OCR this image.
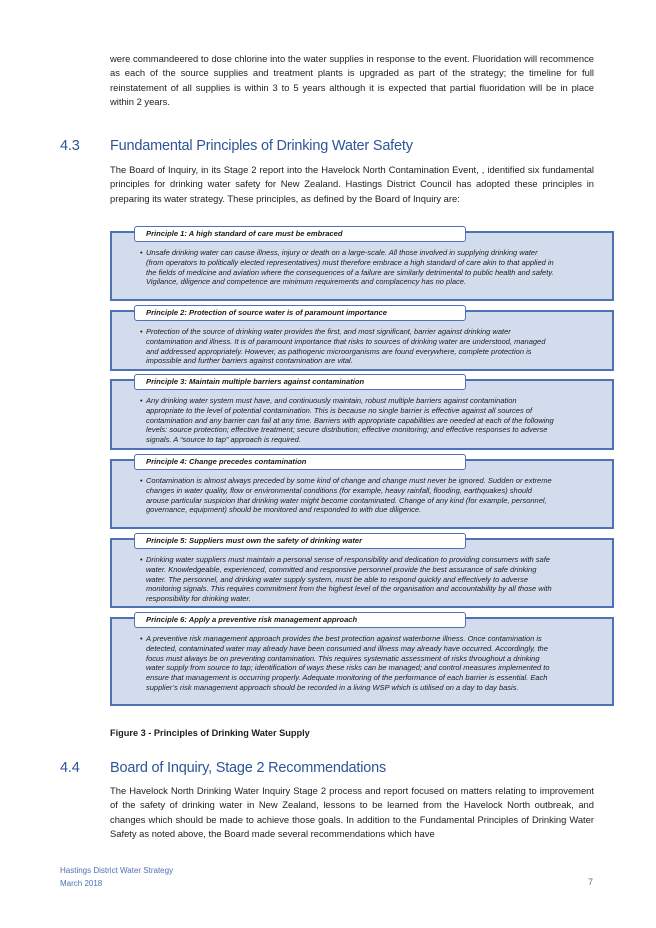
were commandeered to dose chlorine into the water supplies in response to the event. Fluoridation will recommence as each of the source supplies and treatment plants is upgraded as part of the strategy; the timeline for full reinstatement of all supplies is within 3 to 5 years although it is expected that partial fluoridation will be in place within 2 years.
4.3 Fundamental Principles of Drinking Water Safety
The Board of Inquiry, in its Stage 2 report into the Havelock North Contamination Event, , identified six fundamental principles for drinking water safety for New Zealand. Hastings District Council has adopted these principles in preparing its water strategy. These principles, as defined by the Board of Inquiry are:
Principle 1: A high standard of care must be embraced
• Unsafe drinking water can cause illness, injury or death on a large-scale. All those involved in supplying drinking water (from operators to politically elected representatives) must therefore embrace a high standard of care akin to that applied in the fields of medicine and aviation where the consequences of a failure are similarly detrimental to public health and safety. Vigilance, diligence and competence are minimum requirements and complacency has no place.
Principle 2: Protection of source water is of paramount importance
• Protection of the source of drinking water provides the first, and most significant, barrier against drinking water contamination and illness. It is of paramount importance that risks to sources of drinking water are understood, managed and addressed appropriately. However, as pathogenic microorganisms are found everywhere, complete protection is impossible and further barriers against contamination are vital.
Principle 3: Maintain multiple barriers against contamination
• Any drinking water system must have, and continuously maintain, robust multiple barriers against contamination appropriate to the level of potential contamination. This is because no single barrier is effective against all sources of contamination and any barrier can fail at any time. Barriers with appropriate capabilities are needed at each of the following levels: source protection; effective treatment; secure distribution; effective monitoring; and effective responses to adverse signals. A “source to tap” approach is required.
Principle 4: Change precedes contamination
• Contamination is almost always preceded by some kind of change and change must never be ignored. Sudden or extreme changes in water quality, flow or environmental conditions (for example, heavy rainfall, flooding, earthquakes) should arouse particular suspicion that drinking water might become contaminated. Change of any kind (for example, personnel, governance, equipment) should be monitored and responded to with due diligence.
Principle 5: Suppliers must own the safety of drinking water
• Drinking water suppliers must maintain a personal sense of responsibility and dedication to providing consumers with safe water. Knowledgeable, experienced, committed and responsive personnel provide the best assurance of safe drinking water. The personnel, and drinking water supply system, must be able to respond quickly and effectively to adverse monitoring signals. This requires commitment from the highest level of the organisation and accountability by all those with responsibility for drinking water.
Principle 6: Apply a preventive risk management approach
• A preventive risk management approach provides the best protection against waterborne illness. Once contamination is detected, contaminated water may already have been consumed and illness may already have occurred. Accordingly, the focus must always be on preventing contamination. This requires systematic assessment of risks throughout a drinking water supply from source to tap; identification of ways these risks can be managed; and control measures implemented to ensure that management is occurring properly. Adequate monitoring of the performance of each barrier is essential. Each supplier’s risk management approach should be recorded in a living WSP which is utilised on a day to day basis.
Figure 3 - Principles of Drinking Water Supply
4.4 Board of Inquiry, Stage 2 Recommendations
The Havelock North Drinking Water Inquiry Stage 2 process and report focused on matters relating to improvement of the safety of drinking water in New Zealand, lessons to be learned from the Havelock North outbreak, and changes which should be made to achieve those goals. In addition to the Fundamental Principles of Drinking Water Safety as noted above, the Board made several recommendations which have
Hastings District Water Strategy
March 2018	7
